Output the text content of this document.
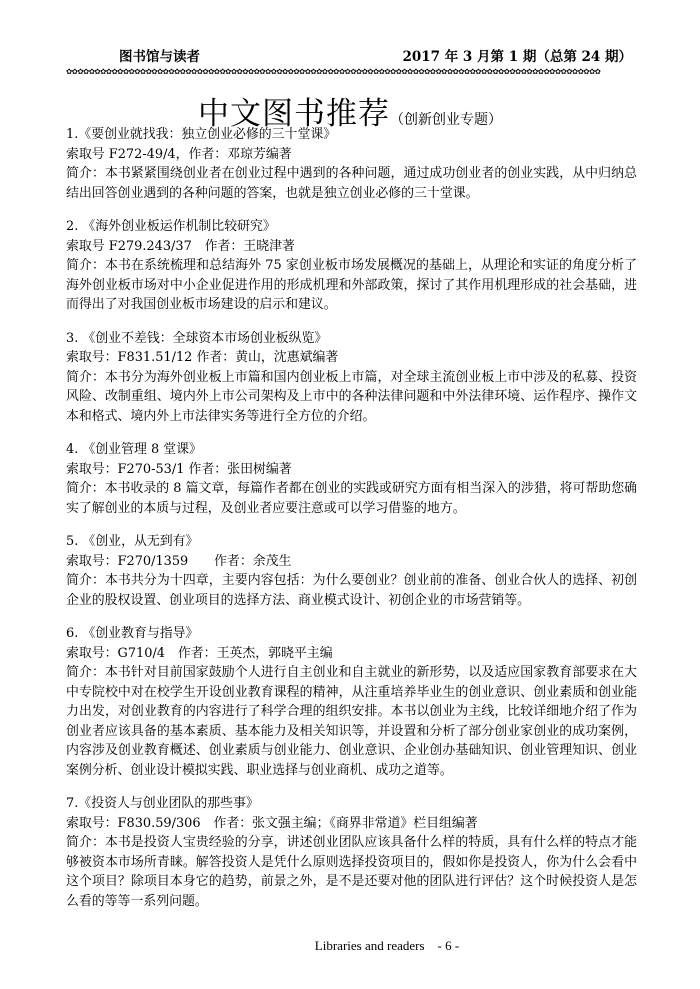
图书馆与读者	2017 年 3 月第 1 期（总第 24 期）
✿✿✿✿✿✿✿✿✿✿✿✿✿✿✿✿✿✿✿✿✿✿✿✿✿✿✿✿✿✿✿✿✿✿✿✿✿✿✿✿✿✿✿✿✿✿✿✿✿✿✿✿✿✿✿✿✿✿✿✿✿✿✿✿✿✿✿✿✿✿✿✿✿✿✿✿✿✿✿✿✿✿✿✿✿✿✿✿✿✿✿✿✿✿
中文图书推荐（创新创业专题）

1.《要创业就找我：独立创业必修的三十堂课》

索取号 F272-49/4，作者：邓琼芳编著

简介：本书紧紧围绕创业者在创业过程中遇到的各种问题，通过成功创业者的创业实践，从中归纳总结出回答创业遇到的各种问题的答案，也就是独立创业必修的三十堂课。

2. 《海外创业板运作机制比较研究》

索取号 F279.243/37　作者：王晓津著

简介：本书在系统梳理和总结海外 75 家创业板市场发展概况的基础上，从理论和实证的角度分析了海外创业板市场对中小企业促进作用的形成机理和外部政策，探讨了其作用机理形成的社会基础，进而得出了对我国创业板市场建设的启示和建议。

3. 《创业不差钱：全球资本市场创业板纵览》

索取号：F831.51/12 作者：黄山，沈惠斌编著

简介：本书分为海外创业板上市篇和国内创业板上市篇，对全球主流创业板上市中涉及的私募、投资风险、改制重组、境内外上市公司架构及上市中的各种法律问题和中外法律环境、运作程序、操作文本和格式、境内外上市法律实务等进行全方位的介绍。

4. 《创业管理 8 堂课》

索取号：F270-53/1 作者：张田树编著

简介：本书收录的 8 篇文章，每篇作者都在创业的实践或研究方面有相当深入的涉猎，将可帮助您确实了解创业的本质与过程，及创业者应要注意或可以学习借鉴的地方。

5. 《创业，从无到有》

索取号：F270/1359　　作者：余茂生

简介：本书共分为十四章，主要内容包括：为什么要创业？创业前的准备、创业合伙人的选择、初创企业的股权设置、创业项目的选择方法、商业模式设计、初创企业的市场营销等。

6. 《创业教育与指导》

索取号：G710/4　作者：王英杰，郭晓平主编

简介：本书针对目前国家鼓励个人进行自主创业和自主就业的新形势，以及适应国家教育部要求在大中专院校中对在校学生开设创业教育课程的精神，从注重培养毕业生的创业意识、创业素质和创业能力出发，对创业教育的内容进行了科学合理的组织安排。本书以创业为主线，比较详细地介绍了作为创业者应该具备的基本素质、基本能力及相关知识等，并设置和分析了部分创业家创业的成功案例，内容涉及创业教育概述、创业素质与创业能力、创业意识、企业创办基础知识、创业管理知识、创业案例分析、创业设计模拟实践、职业选择与创业商机、成功之道等。

7.《投资人与创业团队的那些事》

索取号：F830.59/306　作者：张文强主编；《商界非常道》栏目组编著

简介：本书是投资人宝贵经验的分享，讲述创业团队应该具备什么样的特质，具有什么样的特点才能够被资本市场所青睐。解答投资人是凭什么原则选择投资项目的，假如你是投资人，你为什么会看中这个项目？除项目本身它的趋势，前景之外，是不是还要对他的团队进行评估？这个时候投资人是怎么看的等等一系列问题。

Libraries and readers　- 6 -
